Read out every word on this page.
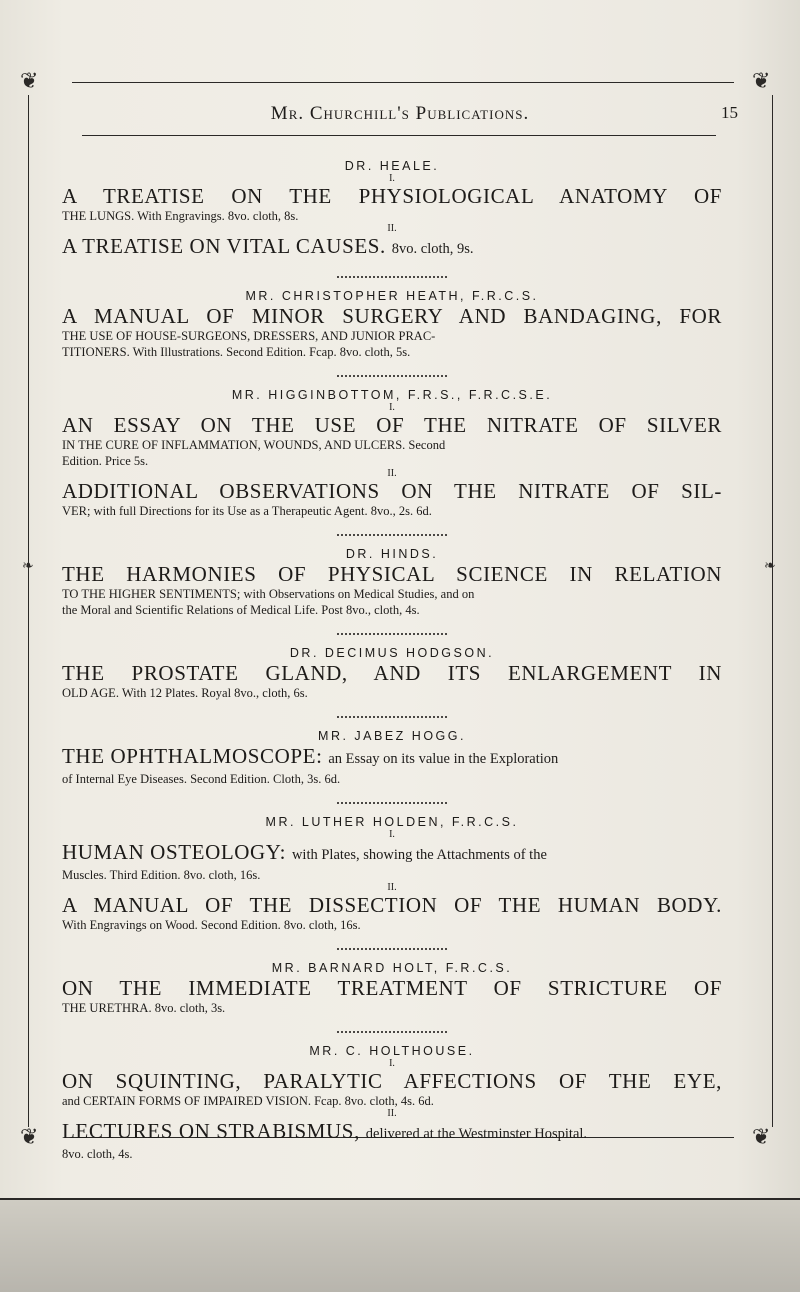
❦	❦
❦	❦
❧	❧
Mr. Churchill's Publications.	15

DR. HEALE.

I.

A TREATISE ON THE PHYSIOLOGICAL ANATOMY OF

THE LUNGS. With Engravings. 8vo. cloth, 8s.

II.

A TREATISE ON VITAL CAUSES. 8vo. cloth, 9s.

MR. CHRISTOPHER HEATH, F.R.C.S.

A MANUAL OF MINOR SURGERY AND BANDAGING, FOR

THE USE OF HOUSE-SURGEONS, DRESSERS, AND JUNIOR PRAC-

TITIONERS. With Illustrations. Second Edition. Fcap. 8vo. cloth, 5s.

MR. HIGGINBOTTOM, F.R.S., F.R.C.S.E.

I.

AN ESSAY ON THE USE OF THE NITRATE OF SILVER

IN THE CURE OF INFLAMMATION, WOUNDS, AND ULCERS. Second

Edition. Price 5s.

II.

ADDITIONAL OBSERVATIONS ON THE NITRATE OF SIL-

VER; with full Directions for its Use as a Therapeutic Agent. 8vo., 2s. 6d.

DR. HINDS.

THE HARMONIES OF PHYSICAL SCIENCE IN RELATION

TO THE HIGHER SENTIMENTS; with Observations on Medical Studies, and on

the Moral and Scientific Relations of Medical Life. Post 8vo., cloth, 4s.

DR. DECIMUS HODGSON.

THE PROSTATE GLAND, AND ITS ENLARGEMENT IN

OLD AGE. With 12 Plates. Royal 8vo., cloth, 6s.

MR. JABEZ HOGG.

THE OPHTHALMOSCOPE: an Essay on its value in the Exploration

of Internal Eye Diseases. Second Edition. Cloth, 3s. 6d.

MR. LUTHER HOLDEN, F.R.C.S.

I.

HUMAN OSTEOLOGY: with Plates, showing the Attachments of the

Muscles. Third Edition. 8vo. cloth, 16s.

II.

A MANUAL OF THE DISSECTION OF THE HUMAN BODY.

With Engravings on Wood. Second Edition. 8vo. cloth, 16s.

MR. BARNARD HOLT, F.R.C.S.

ON THE IMMEDIATE TREATMENT OF STRICTURE OF

THE URETHRA. 8vo. cloth, 3s.

MR. C. HOLTHOUSE.

I.

ON SQUINTING, PARALYTIC AFFECTIONS OF THE EYE,

and CERTAIN FORMS OF IMPAIRED VISION. Fcap. 8vo. cloth, 4s. 6d.

II.

LECTURES ON STRABISMUS, delivered at the Westminster Hospital.

8vo. cloth, 4s.
